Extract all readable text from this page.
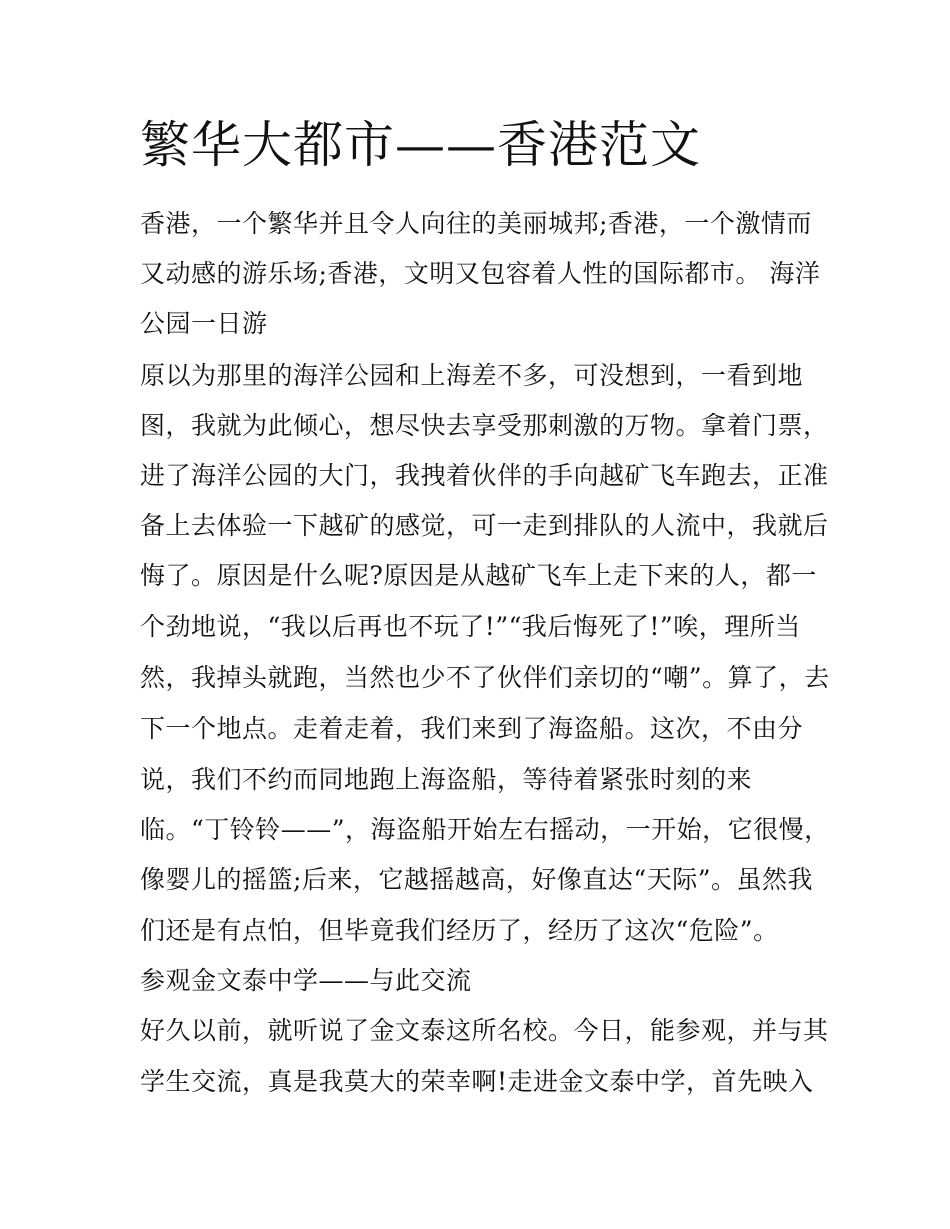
繁华大都市——香港范文
香港，一个繁华并且令人向往的美丽城邦;香港，一个激情而
又动感的游乐场;香港，文明又包容着人性的国际都市。 海洋
公园一日游
原以为那里的海洋公园和上海差不多，可没想到，一看到地
图，我就为此倾心，想尽快去享受那刺激的万物。拿着门票，
进了海洋公园的大门，我拽着伙伴的手向越矿飞车跑去，正准
备上去体验一下越矿的感觉，可一走到排队的人流中，我就后
悔了。原因是什么呢?原因是从越矿飞车上走下来的人，都一
个劲地说，“我以后再也不玩了!”“我后悔死了!”唉，理所当
然，我掉头就跑，当然也少不了伙伴们亲切的“嘲”。算了，去
下一个地点。走着走着，我们来到了海盗船。这次，不由分
说，我们不约而同地跑上海盗船，等待着紧张时刻的来
临。“丁铃铃——”，海盗船开始左右摇动，一开始，它很慢，
像婴儿的摇篮;后来，它越摇越高，好像直达“天际”。虽然我
们还是有点怕，但毕竟我们经历了，经历了这次“危险”。
参观金文泰中学——与此交流
好久以前，就听说了金文泰这所名校。今日，能参观，并与其
学生交流，真是我莫大的荣幸啊!走进金文泰中学，首先映入
